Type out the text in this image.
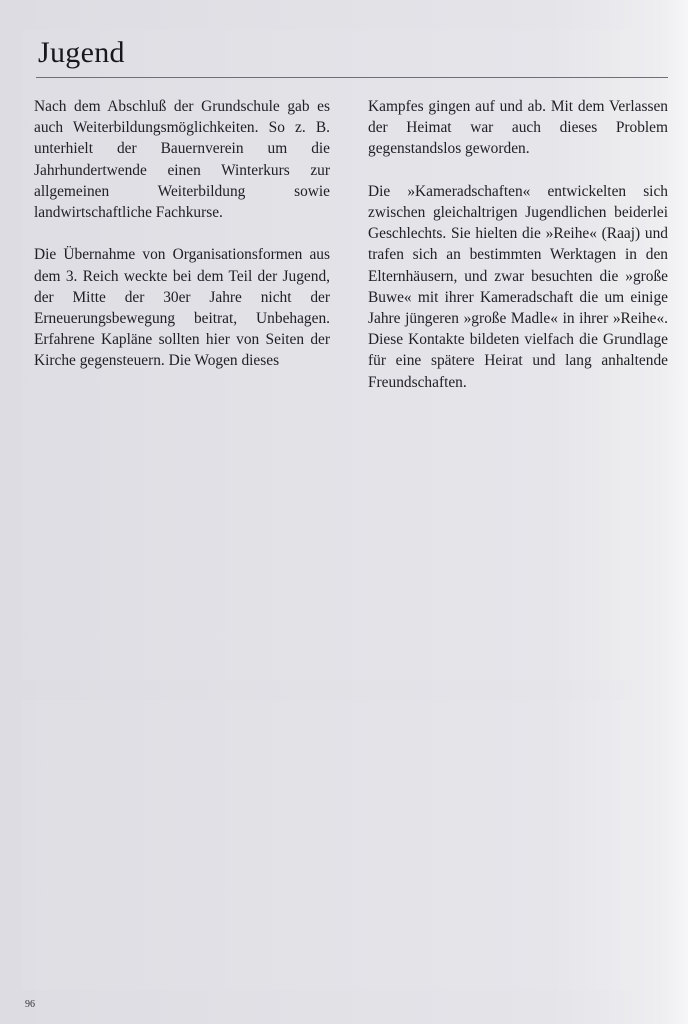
Jugend

Nach dem Abschluß der Grundschule gab es auch Weiterbildungsmöglichkeiten. So z. B. unterhielt der Bauernverein um die Jahrhundertwende einen Winterkurs zur allgemeinen Weiterbildung sowie landwirtschaftliche Fachkurse.

Die Übernahme von Organisationsformen aus dem 3. Reich weckte bei dem Teil der Jugend, der Mitte der 30er Jahre nicht der Erneuerungsbewegung beitrat, Unbehagen. Erfahrene Kapläne sollten hier von Seiten der Kirche gegensteuern. Die Wogen dieses

Kampfes gingen auf und ab. Mit dem Verlassen der Heimat war auch dieses Problem gegenstandslos geworden.

Die »Kameradschaften« entwickelten sich zwischen gleichaltrigen Jugendlichen beiderlei Geschlechts. Sie hielten die »Reihe« (Raaj) und trafen sich an bestimmten Werktagen in den Elternhäusern, und zwar besuchten die »große Buwe« mit ihrer Kameradschaft die um einige Jahre jüngeren »große Madle« in ihrer »Reihe«. Diese Kontakte bildeten vielfach die Grundlage für eine spätere Heirat und lang anhaltende Freundschaften.

96
